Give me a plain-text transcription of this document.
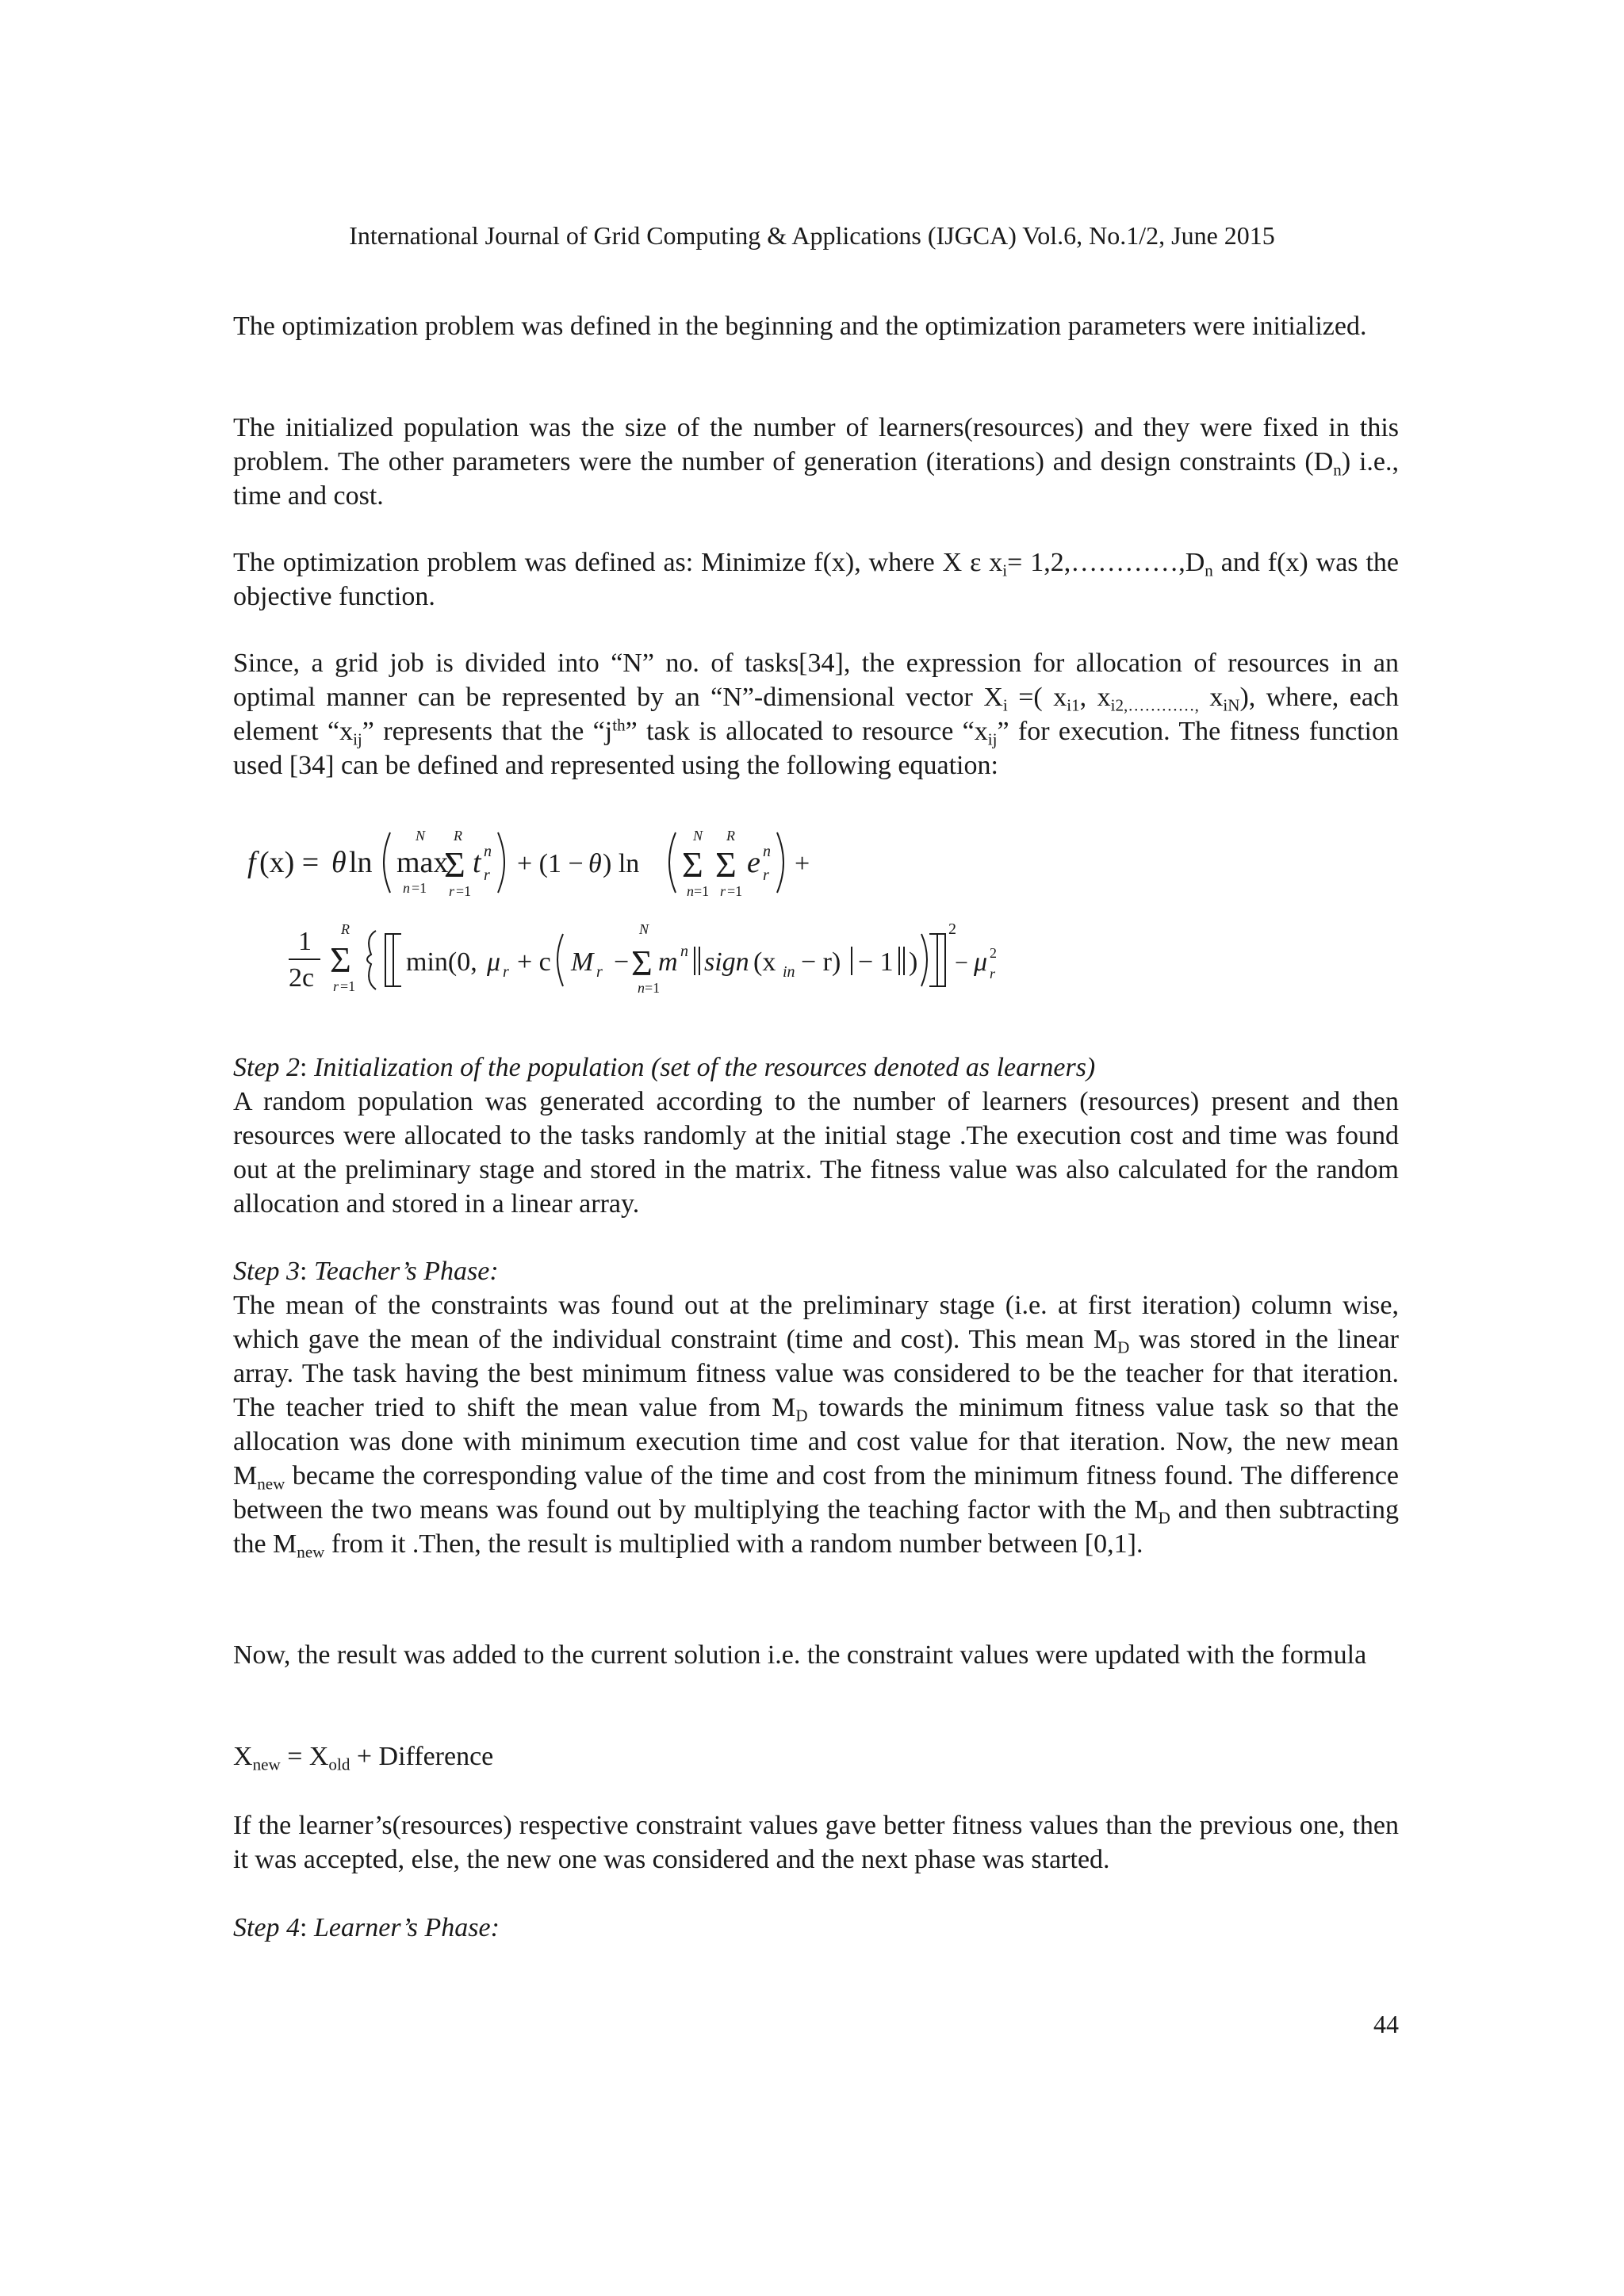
International Journal of Grid Computing & Applications (IJGCA) Vol.6, No.1/2, June 2015
The optimization problem was defined in the beginning and the optimization parameters were initialized.
The initialized population was the size of the number of learners(resources) and they were fixed in this problem. The other parameters were the number of generation (iterations) and design constraints $(D_n)$ i.e., time and cost.
The optimization problem was defined as: Minimize f(x), where X ε $x_i=$ $1,2,\dots\dots\dots\dots,D_n$ and f(x) was the objective function.
Since, a grid job is divided into “N” no. of tasks[34], the expression for allocation of resources in an optimal manner can be represented by an “N”-dimensional vector $X_i$ =( $x_{i1}$, $x_{i2,\dots\dots\dots\dots,}$ $x_{iN}$), where, each element “$x_{ij}$” represents that the “$j^{th}$” task is allocated to resource “$x_{ij}$” for execution. The fitness function used [34] can be defined and represented using the following equation:
f (x) = θ ln
N R
max
n =1
Σ t n
r
r =1
+ (1 − θ ) ln
N R
Σ Σ e n
r
n =1 r =1
+
1
2c
R
Σ
r =1
min(0, μ r + c M r −
N
Σ m n sign (x in − r) − 1 )
2
− μ 2
r
n =1
Step 2: Initialization of the population (set of the resources denoted as learners)
A random population was generated according to the number of learners (resources) present and then resources were allocated to the tasks randomly at the initial stage .The execution cost and time was found out at the preliminary stage and stored in the matrix. The fitness value was also calculated for the random allocation and stored in a linear array.
Step 3: Teacher’s Phase:
The mean of the constraints was found out at the preliminary stage (i.e. at first iteration) column wise, which gave the mean of the individual constraint (time and cost). This mean $M_D$ was stored in the linear array. The task having the best minimum fitness value was considered to be the teacher for that iteration. The teacher tried to shift the mean value from $M_D$ towards the minimum fitness value task so that the allocation was done with minimum execution time and cost value for that iteration. Now, the new mean $M_{new}$ became the corresponding value of the time and cost from the minimum fitness found. The difference between the two means was found out by multiplying the teaching factor with the $M_D$ and then subtracting the $M_{new}$ from it .Then, the result is multiplied with a random number between [0,1].
Now, the result was added to the current solution i.e. the constraint values were updated with the formula
$X_{new} = X_{old}$ + Difference
If the learner’s(resources) respective constraint values gave better fitness values than the previous one, then it was accepted, else, the new one was considered and the next phase was started.
Step 4: Learner’s Phase:
44
